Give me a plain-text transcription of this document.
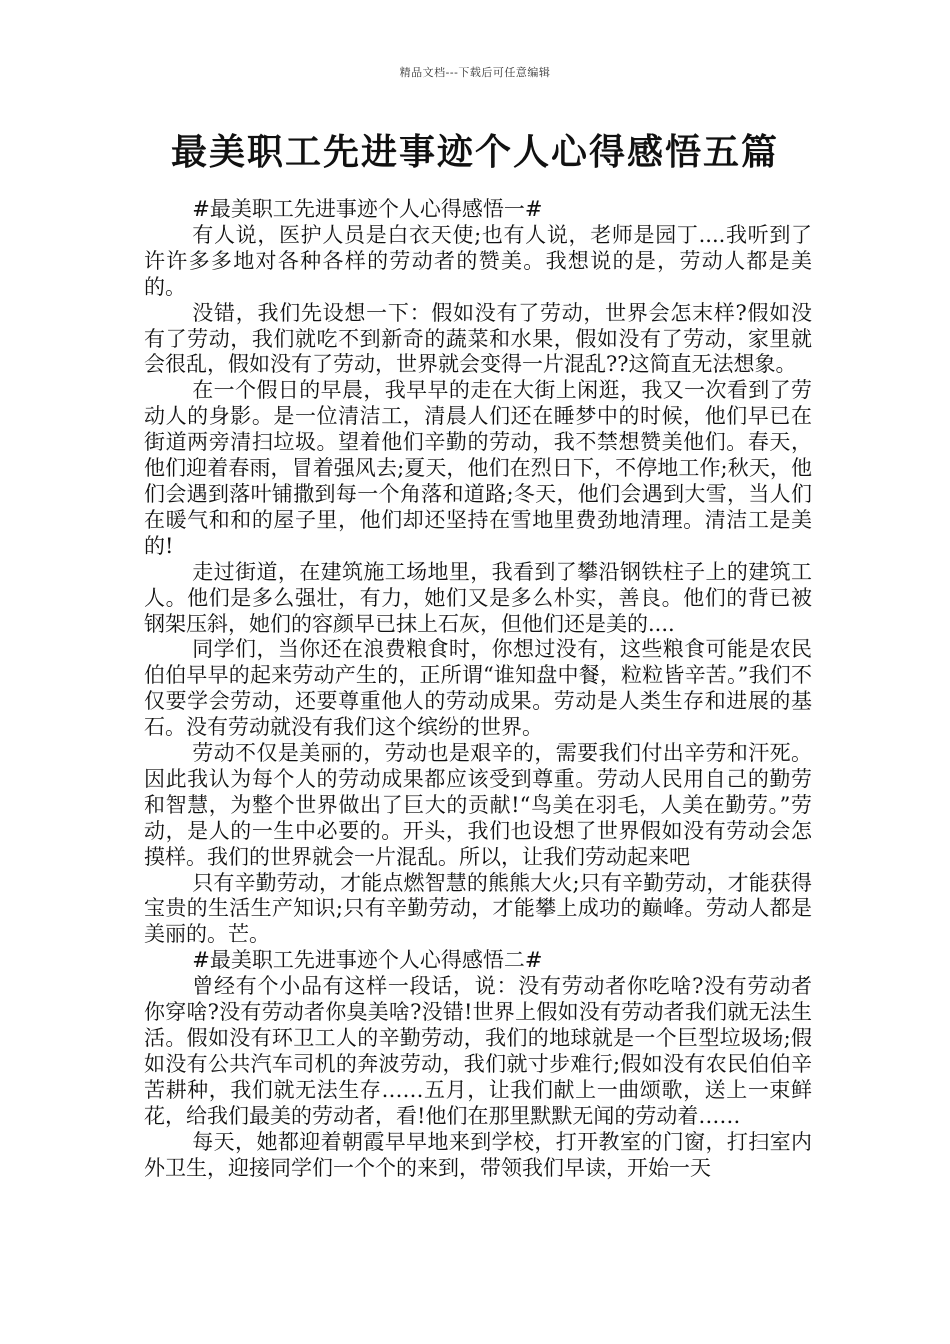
精品文档---下载后可任意编辑
最美职工先进事迹个人心得感悟五篇

#最美职工先进事迹个人心得感悟一#

有人说，医护人员是白衣天使;也有人说，老师是园丁....我听到了许许多多地对各种各样的劳动者的赞美。我想说的是，劳动人都是美的。

没错，我们先设想一下：假如没有了劳动，世界会怎末样?假如没有了劳动，我们就吃不到新奇的蔬菜和水果，假如没有了劳动，家里就会很乱，假如没有了劳动，世界就会变得一片混乱??这简直无法想象。

在一个假日的早晨，我早早的走在大街上闲逛，我又一次看到了劳动人的身影。是一位清洁工，清晨人们还在睡梦中的时候，他们早已在街道两旁清扫垃圾。望着他们辛勤的劳动，我不禁想赞美他们。春天，他们迎着春雨，冒着强风去;夏天，他们在烈日下，不停地工作;秋天，他们会遇到落叶铺撒到每一个角落和道路;冬天，他们会遇到大雪，当人们在暖气和和的屋子里，他们却还坚持在雪地里费劲地清理。清洁工是美的!

走过街道，在建筑施工场地里，我看到了攀沿钢铁柱子上的建筑工人。他们是多么强壮，有力，她们又是多么朴实，善良。他们的背已被钢架压斜，她们的容颜早已抹上石灰，但他们还是美的....

同学们，当你还在浪费粮食时，你想过没有，这些粮食可能是农民伯伯早早的起来劳动产生的，正所谓“谁知盘中餐，粒粒皆辛苦。”我们不仅要学会劳动，还要尊重他人的劳动成果。劳动是人类生存和进展的基石。没有劳动就没有我们这个缤纷的世界。

劳动不仅是美丽的，劳动也是艰辛的，需要我们付出辛劳和汗死。因此我认为每个人的劳动成果都应该受到尊重。劳动人民用自己的勤劳和智慧，为整个世界做出了巨大的贡献!“鸟美在羽毛，人美在勤劳。”劳动，是人的一生中必要的。开头，我们也设想了世界假如没有劳动会怎摸样。我们的世界就会一片混乱。所以，让我们劳动起来吧

只有辛勤劳动，才能点燃智慧的熊熊大火;只有辛勤劳动，才能获得宝贵的生活生产知识;只有辛勤劳动，才能攀上成功的巅峰。劳动人都是美丽的。芒。

#最美职工先进事迹个人心得感悟二#

曾经有个小品有这样一段话，说：没有劳动者你吃啥?没有劳动者你穿啥?没有劳动者你臭美啥?没错!世界上假如没有劳动者我们就无法生活。假如没有环卫工人的辛勤劳动，我们的地球就是一个巨型垃圾场;假如没有公共汽车司机的奔波劳动，我们就寸步难行;假如没有农民伯伯辛苦耕种，我们就无法生存……五月，让我们献上一曲颂歌，送上一束鲜花，给我们最美的劳动者，看!他们在那里默默无闻的劳动着……

每天，她都迎着朝霞早早地来到学校，打开教室的门窗，打扫室内外卫生，迎接同学们一个个的来到，带领我们早读，开始一天
